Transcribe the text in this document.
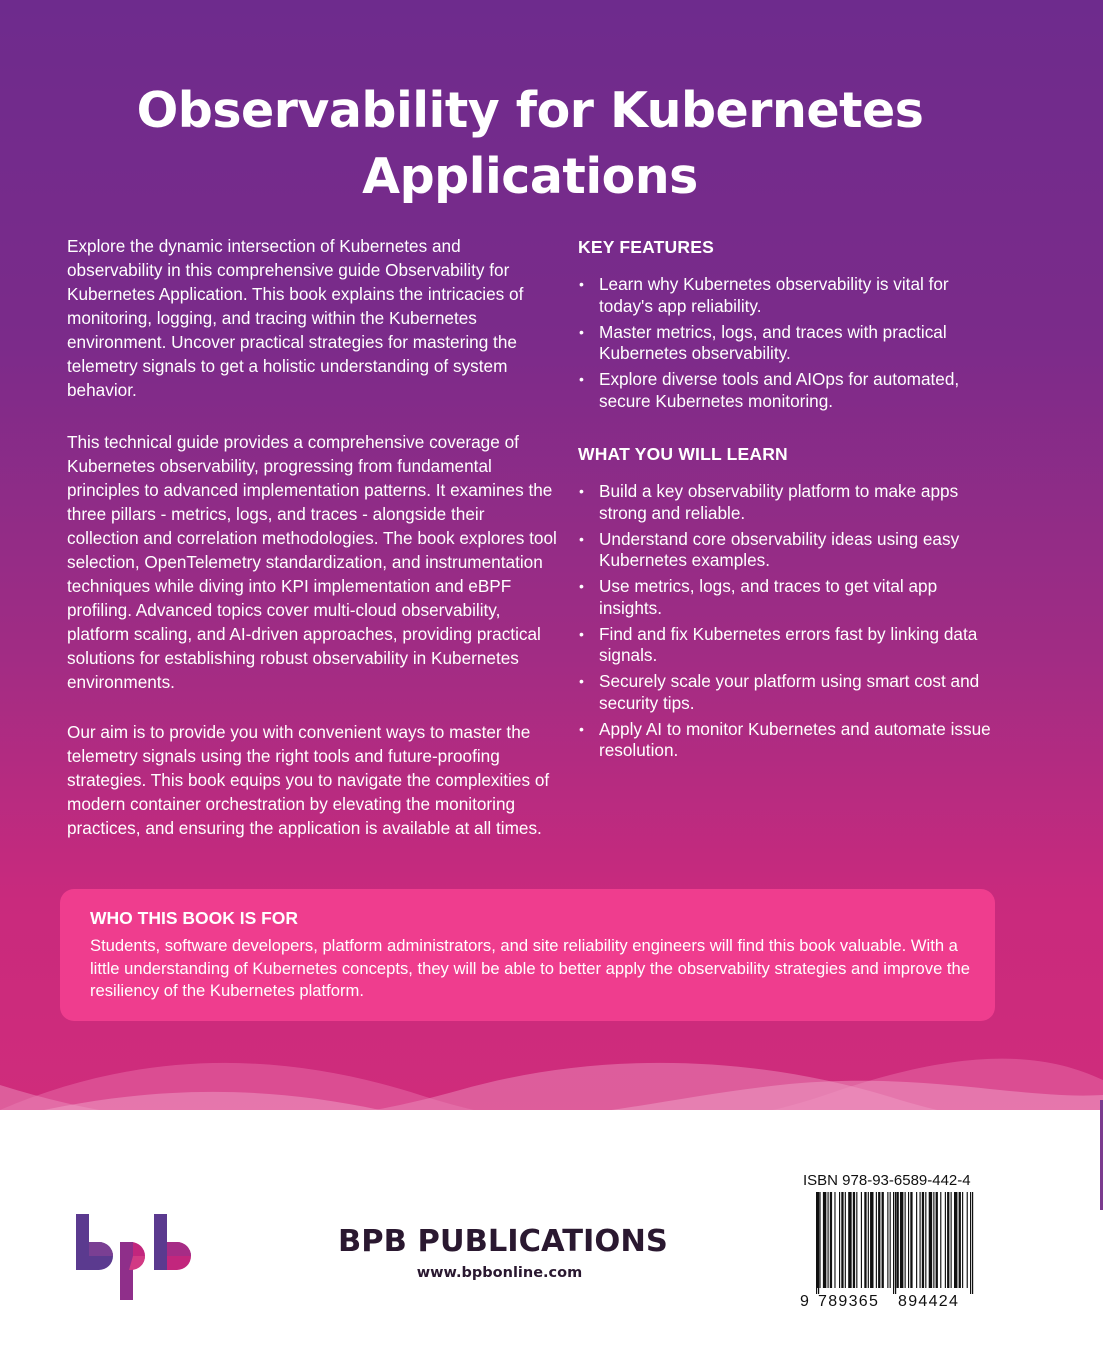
Observability for Kubernetes
Applications

Explore the dynamic intersection of Kubernetes and observability in this comprehensive guide Observability for Kubernetes Application. This book explains the intricacies of monitoring, logging, and tracing within the Kubernetes environment. Uncover practical strategies for mastering the telemetry signals to get a holistic understanding of system behavior.

This technical guide provides a comprehensive coverage of Kubernetes observability, progressing from fundamental principles to advanced implementation patterns. It examines the three pillars - metrics, logs, and traces - alongside their collection and correlation methodologies. The book explores tool selection, OpenTelemetry standardization, and instrumentation techniques while diving into KPI implementation and eBPF profiling. Advanced topics cover multi-cloud observability, platform scaling, and AI-driven approaches, providing practical solutions for establishing robust observability in Kubernetes environments.

Our aim is to provide you with convenient ways to master the telemetry signals using the right tools and future-proofing strategies. This book equips you to navigate the complexities of modern container orchestration by elevating the monitoring practices, and ensuring the application is available at all times.

KEY FEATURES
• Learn why Kubernetes observability is vital for today's app reliability.
• Master metrics, logs, and traces with practical Kubernetes observability.
• Explore diverse tools and AIOps for automated, secure Kubernetes monitoring.
WHAT YOU WILL LEARN
• Build a key observability platform to make apps strong and reliable.
• Understand core observability ideas using easy Kubernetes examples.
• Use metrics, logs, and traces to get vital app insights.
• Find and fix Kubernetes errors fast by linking data signals.
• Securely scale your platform using smart cost and security tips.
• Apply AI to monitor Kubernetes and automate issue resolution.
WHO THIS BOOK IS FOR

Students, software developers, platform administrators, and site reliability engineers will find this book valuable. With a little understanding of Kubernetes concepts, they will be able to better apply the observability strategies and improve the resiliency of the Kubernetes platform.

BPB PUBLICATIONS

www.bpbonline.com

ISBN 978-93-6589-442-4

9 789365 894424
